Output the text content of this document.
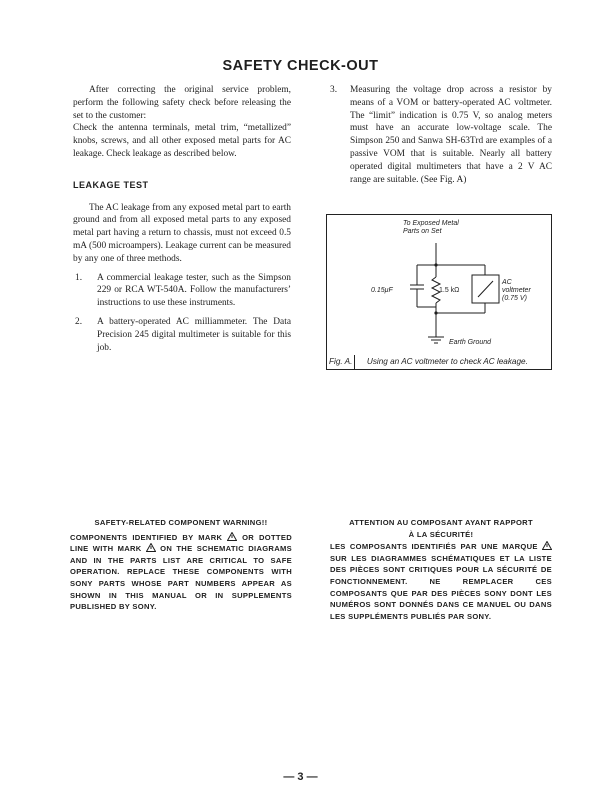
SAFETY CHECK-OUT

After correcting the original service problem, perform the following safety check before releasing the set to the customer:

Check the antenna terminals, metal trim, “metallized” knobs, screws, and all other exposed metal parts for AC leakage. Check leakage as described below.

LEAKAGE TEST

The AC leakage from any exposed metal part to earth ground and from all exposed metal parts to any exposed metal part having a return to chassis, must not exceed 0.5 mA (500 microampers). Leakage current can be measured by any one of three methods.

1.	A commercial leakage tester, such as the Simpson 229 or RCA WT-540A. Follow the manufacturers’ instructions to use these instruments.
2.	A battery-operated AC milliammeter. The Data Precision 245 digital multimeter is suitable for this job.
3.	Measuring the voltage drop across a resistor by means of a VOM or battery-operated AC voltmeter. The “limit” indication is 0.75 V, so analog meters must have an accurate low-voltage scale. The Simpson 250 and Sanwa SH-63Trd are examples of a passive VOM that is suitable. Nearly all battery operated digital multimeters that have a 2 V AC range are suitable. (See Fig. A)
To Exposed Metal
Parts on Set
0.15μF	1.5 kΩ
AC
voltmeter
(0.75 V)
Earth Ground
Fig. A. Using an AC voltmeter to check AC leakage.
SAFETY-RELATED COMPONENT WARNING!!

COMPONENTS IDENTIFIED BY MARK	OR DOTTED LINE WITH MARK ON THE SCHEMATIC DIAGRAMS AND IN THE PARTS LIST ARE CRITICAL TO SAFE OPERATION. REPLACE THESE COMPONENTS WITH SONY PARTS WHOSE PART NUMBERS APPEAR AS SHOWN IN THIS MANUAL OR IN SUPPLEMENTS PUBLISHED BY SONY.

ATTENTION AU COMPOSANT AYANT RAPPORT
À LA SÉCURITÉ!

LES COMPOSANTS IDENTIFIÉS PAR UNE MARQUE  SUR LES DIAGRAMMES SCHÉMATIQUES ET LA LISTE DES PIÈCES SONT CRITIQUES POUR LA SÉCURITÉ DE FONCTIONNEMENT. NE REMPLACER CES COMPOSANTS QUE PAR DES PIÈCES SONY DONT LES NUMÉROS SONT DONNÉS DANS CE MANUEL OU DANS LES SUPPLÉMENTS PUBLIÉS PAR SONY.

— 3 —
